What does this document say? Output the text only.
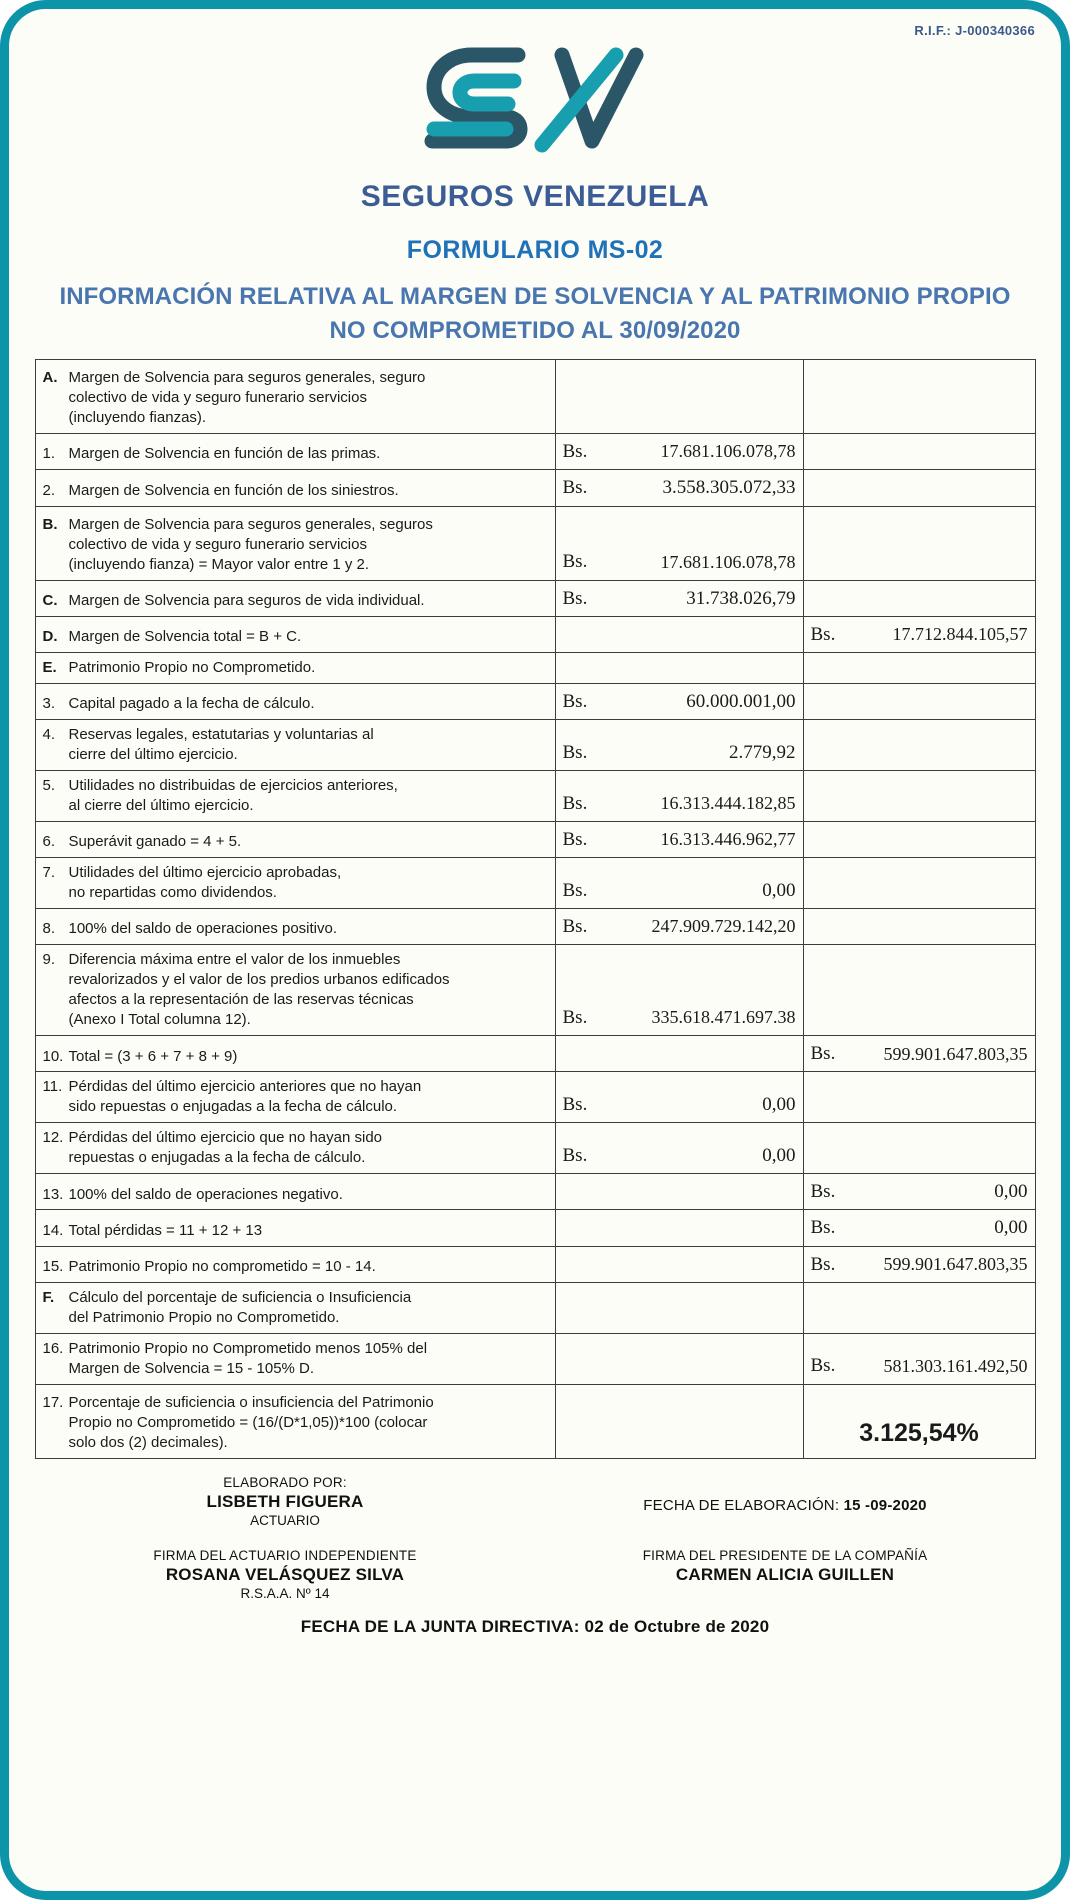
R.I.F.: J-000340366
SEGUROS VENEZUELA
FORMULARIO MS-02
INFORMACIÓN RELATIVA AL MARGEN DE SOLVENCIA Y AL PATRIMONIO PROPIO
NO COMPROMETIDO AL 30/09/2020
A. Margen de Solvencia para seguros generales, seguro
colectivo de vida y seguro funerario servicios
(incluyendo fianzas).		
1. Margen de Solvencia en función de las primas.	Bs. 17.681.106.078,78	

2. Margen de Solvencia en función de los siniestros.	Bs. 3.558.305.072,33	

B. Margen de Solvencia para seguros generales, seguros
colectivo de vida y seguro funerario servicios
(incluyendo fianza) = Mayor valor entre 1 y 2.	Bs. 17.681.106.078,78	

C. Margen de Solvencia para seguros de vida individual.	Bs. 31.738.026,79	

D. Margen de Solvencia total = B + C.		Bs. 17.712.844.105,57

E. Patrimonio Propio no Comprometido.		
3. Capital pagado a la fecha de cálculo.	Bs. 60.000.001,00	

4. Reservas legales, estatutarias y voluntarias al
cierre del último ejercicio.	Bs. 2.779,92	

5. Utilidades no distribuidas de ejercicios anteriores,
al cierre del último ejercicio.	Bs. 16.313.444.182,85	

6. Superávit ganado = 4 + 5.	Bs. 16.313.446.962,77	

7. Utilidades del último ejercicio aprobadas,
no repartidas como dividendos.	Bs. 0,00	

8. 100% del saldo de operaciones positivo.	Bs. 247.909.729.142,20	

9. Diferencia máxima entre el valor de los inmuebles
revalorizados y el valor de los predios urbanos edificados
afectos a la representación de las reservas técnicas
(Anexo I Total columna 12).	Bs. 335.618.471.697.38	

10. Total = (3 + 6 + 7 + 8 + 9)		Bs. 599.901.647.803,35

11. Pérdidas del último ejercicio anteriores que no hayan
sido repuestas o enjugadas a la fecha de cálculo.	Bs. 0,00	

12. Pérdidas del último ejercicio que no hayan sido
repuestas o enjugadas a la fecha de cálculo.	Bs. 0,00	

13. 100% del saldo de operaciones negativo.		Bs. 0,00

14. Total pérdidas = 11 + 12 + 13		Bs. 0,00

15. Patrimonio Propio no comprometido = 10 - 14.		Bs. 599.901.647.803,35

F. Cálculo del porcentaje de suficiencia o Insuficiencia
del Patrimonio Propio no Comprometido.		
16. Patrimonio Propio no Comprometido menos 105% del
Margen de Solvencia = 15 - 105% D.		Bs. 581.303.161.492,50

17. Porcentaje de suficiencia o insuficiencia del Patrimonio
Propio no Comprometido = (16/(D*1,05))*100 (colocar
solo dos (2) decimales).		3.125,54%
ELABORADO POR:
LISBETH FIGUERA
ACTUARIO
FECHA DE ELABORACIÓN: 15 -09-2020
FIRMA DEL ACTUARIO INDEPENDIENTE
ROSANA VELÁSQUEZ SILVA
R.S.A.A. Nº 14
FIRMA DEL PRESIDENTE DE LA COMPAÑÍA
CARMEN ALICIA GUILLEN
FECHA DE LA JUNTA DIRECTIVA: 02 de Octubre de 2020
